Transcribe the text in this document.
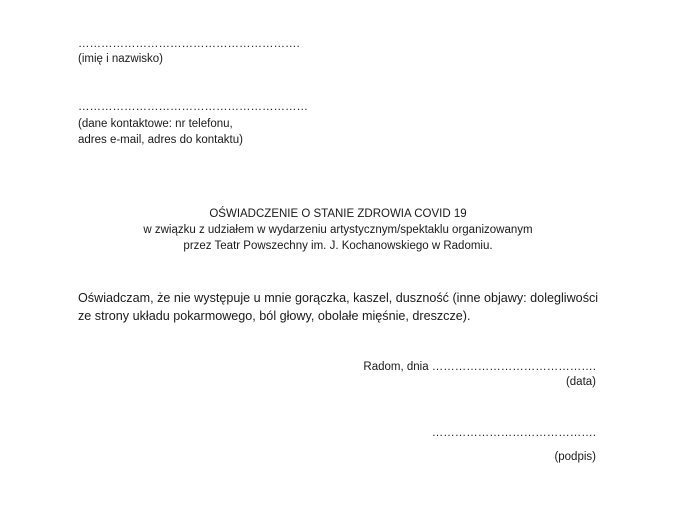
………………………………………………….
(imię i nazwisko)
……………………………………………………
(dane kontaktowe: nr telefonu,
adres e-mail, adres do kontaktu)
OŚWIADCZENIE O STANIE ZDROWIA COVID 19
w związku z udziałem w wydarzeniu artystycznym/spektaklu organizowanym
przez Teatr Powszechny im. J. Kochanowskiego w Radomiu.
Oświadczam, że nie występuje u mnie gorączka, kaszel, duszność (inne objawy: dolegliwości
ze strony układu pokarmowego, ból głowy, obolałe mięśnie, dreszcze).
Radom, dnia …………………………………….
(data)
…………………………………….
(podpis)
